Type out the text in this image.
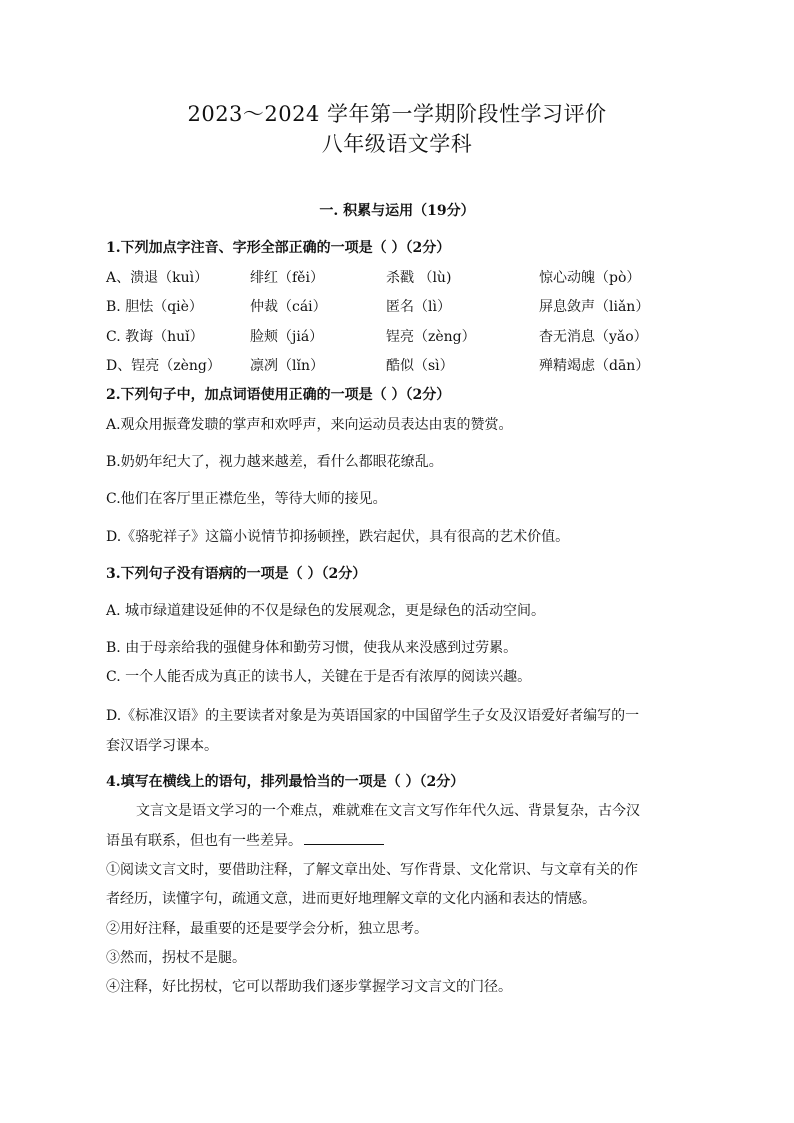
2023～2024 学年第一学期阶段性学习评价
八年级语文学科
一. 积累与运用（19分）
1.下列加点字注音、字形全部正确的一项是（ ）（2分）
A、溃退（kuì）	绯红（fěi）	杀戳 （lù)	惊心动魄（pò）
B. 胆怯（qiè）	仲裁（cái）	匿名（lì）	屏息敛声（liǎn）
C. 教诲（huǐ）	脸颊（jiá）	锃亮（zèng）	杳无消息（yǎo）
D、锃亮（zèng） 凛冽（lǐn）	酷似（sì）	殚精竭虑（dān）
2.下列句子中，加点词语使用正确的一项是（ ）（2分）
A.观众用振聋发聩的掌声和欢呼声，来向运动员表达由衷的赞赏。
B.奶奶年纪大了，视力越来越差，看什么都眼花缭乱。
C.他们在客厅里正襟危坐，等待大师的接见。
D.《骆驼祥子》这篇小说情节抑扬顿挫，跌宕起伏，具有很高的艺术价值。
3.下列句子没有语病的一项是（ ）（2分）
A. 城市绿道建设延伸的不仅是绿色的发展观念，更是绿色的活动空间。
B. 由于母亲给我的强健身体和勤劳习惯，使我从来没感到过劳累。
C. 一个人能否成为真正的读书人，关键在于是否有浓厚的阅读兴趣。
D.《标准汉语》的主要读者对象是为英语国家的中国留学生子女及汉语爱好者编写的一
套汉语学习课本。
4.填写在横线上的语句，排列最恰当的一项是（ ）（2分）
文言文是语文学习的一个难点，难就难在文言文写作年代久远、背景复杂，古今汉
语虽有联系，但也有一些差异。
①阅读文言文时，要借助注释，了解文章出处、写作背景、文化常识、与文章有关的作
者经历，读懂字句，疏通文意，进而更好地理解文章的文化内涵和表达的情感。
②用好注释，最重要的还是要学会分析，独立思考。
③然而，拐杖不是腿。
④注释，好比拐杖，它可以帮助我们逐步掌握学习文言文的门径。
